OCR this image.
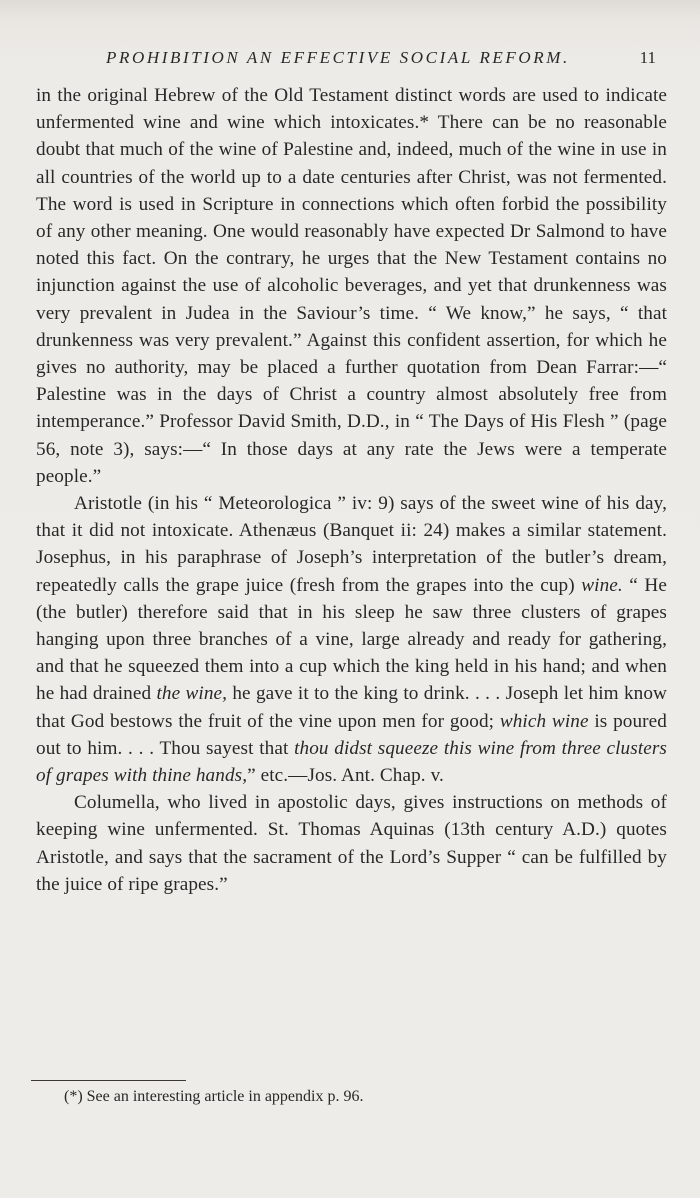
PROHIBITION AN EFFECTIVE SOCIAL REFORM.	11

in the original Hebrew of the Old Testament distinct words are used to indicate unfermented wine and wine which intoxicates.* There can be no reasonable doubt that much of the wine of Palestine and, indeed, much of the wine in use in all countries of the world up to a date centuries after Christ, was not fermented. The word is used in Scripture in connections which often forbid the possibility of any other meaning. One would reasonably have expected Dr Salmond to have noted this fact. On the contrary, he urges that the New Testament contains no injunction against the use of alcoholic beverages, and yet that drunkenness was very prevalent in Judea in the Saviour’s time. “ We know,” he says, “ that drunkenness was very prevalent.” Against this confident assertion, for which he gives no authority, may be placed a further quotation from Dean Farrar:—“ Palestine was in the days of Christ a country almost absolutely free from intemperance.” Professor David Smith, D.D., in “ The Days of His Flesh ” (page 56, note 3), says:—“ In those days at any rate the Jews were a temperate people.”

Aristotle (in his “ Meteorologica ” iv: 9) says of the sweet wine of his day, that it did not intoxicate. Athenæus (Banquet ii: 24) makes a similar statement. Josephus, in his paraphrase of Joseph’s interpretation of the butler’s dream, repeatedly calls the grape juice (fresh from the grapes into the cup) wine. “ He (the butler) therefore said that in his sleep he saw three clusters of grapes hanging upon three branches of a vine, large already and ready for gathering, and that he squeezed them into a cup which the king held in his hand; and when he had drained the wine, he gave it to the king to drink. . . . Joseph let him know that God bestows the fruit of the vine upon men for good; which wine is poured out to him. . . . Thou sayest that thou didst squeeze this wine from three clusters of grapes with thine hands,” etc.—Jos. Ant. Chap. v.

Columella, who lived in apostolic days, gives instructions on methods of keeping wine unfermented. St. Thomas Aquinas (13th century A.D.) quotes Aristotle, and says that the sacrament of the Lord’s Supper “ can be fulfilled by the juice of ripe grapes.”

(*) See an interesting article in appendix p. 96.
